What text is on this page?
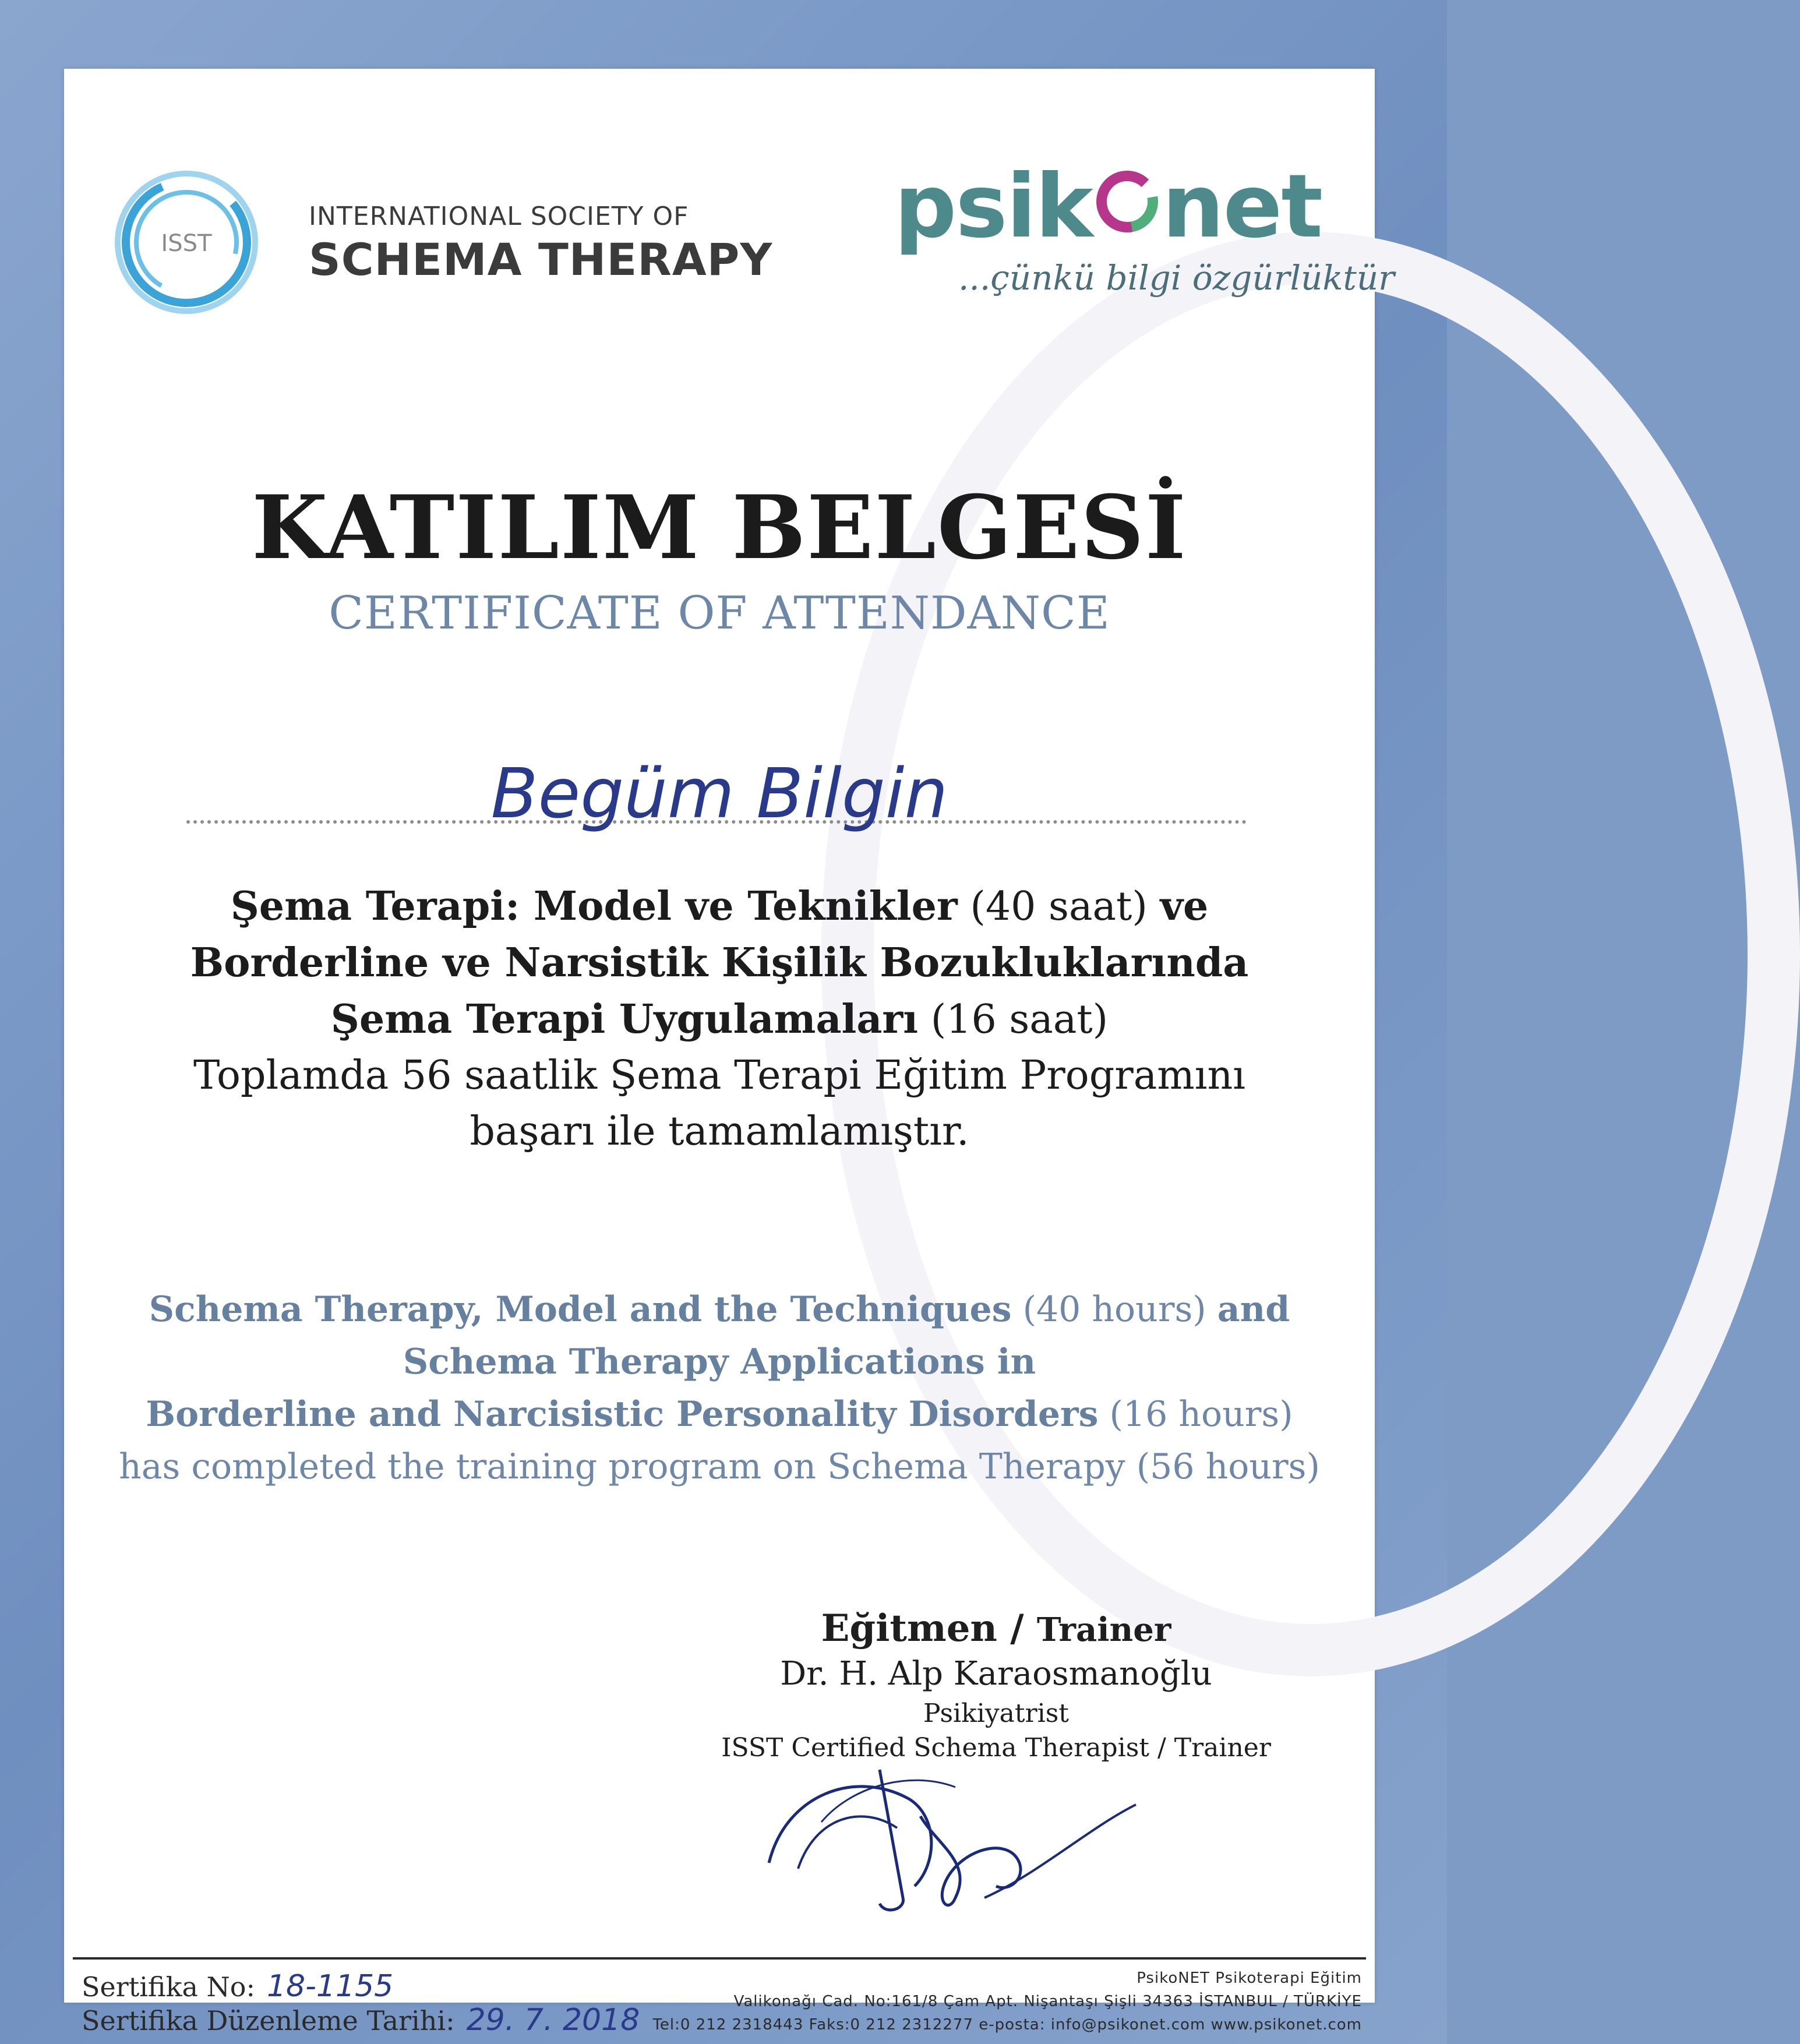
ISST
INTERNATIONAL SOCIETY OF
SCHEMA THERAPY
psik net
...çünkü bilgi özgürlüktür
KATILIM BELGESİ
CERTIFICATE OF ATTENDANCE
Begüm Bilgin
Şema Terapi: Model ve Teknikler (40 saat) ve
Borderline ve Narsistik Kişilik Bozukluklarında
Şema Terapi Uygulamaları (16 saat)
Toplamda 56 saatlik Şema Terapi Eğitim Programını
başarı ile tamamlamıştır.
Schema Therapy, Model and the Techniques (40 hours) and
Schema Therapy Applications in
Borderline and Narcisistic Personality Disorders (16 hours)
has completed the training program on Schema Therapy (56 hours)
Eğitmen / Trainer
Dr. H. Alp Karaosmanoğlu
Psikiyatrist
ISST Certified Schema Therapist / Trainer
Sertifika No: 18-1155
Sertifika Düzenleme Tarihi: 29. 7. 2018
PsikoNET Psikoterapi Eğitim
Valikonağı Cad. No:161/8 Çam Apt. Nişantaşı Şişli 34363 İSTANBUL / TÜRKİYE
Tel:0 212 2318443 Faks:0 212 2312277 e-posta: info@psikonet.com www.psikonet.com
